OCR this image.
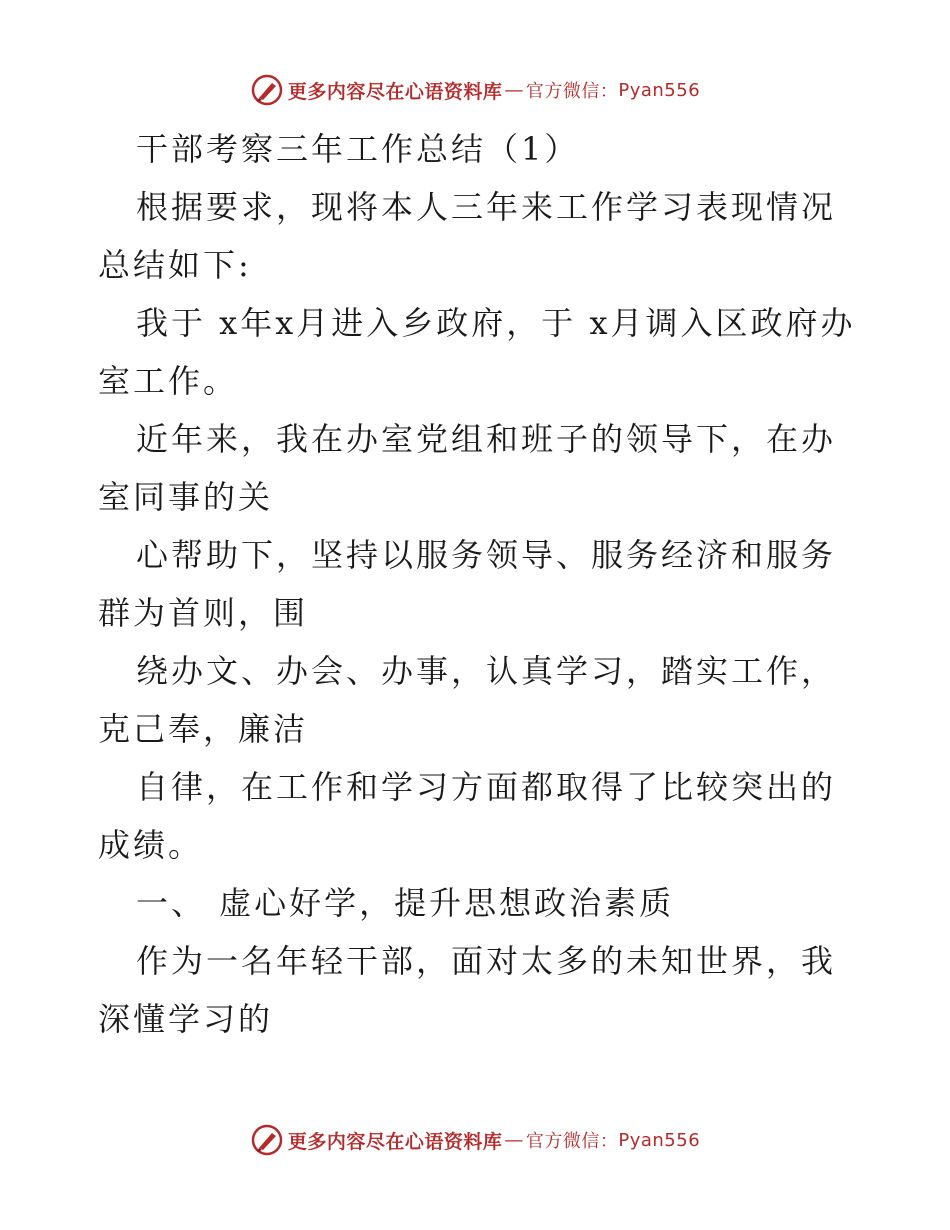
更多内容尽在心语资料库 — 官方微信： Pyan556

干部考察三年工作总结（1）

根据要求，现将本人三年来工作学习表现情况总结如下:

我于 x年x月进入乡政府，于 x月调入区政府办室工作。

近年来，我在办室党组和班子的领导下，在办室同事的关

心帮助下，坚持以服务领导、服务经济和服务群为首则，围

绕办文、办会、办事，认真学习，踏实工作，克己奉，廉洁

自律，在工作和学习方面都取得了比较突出的成绩。

一、 虚心好学，提升思想政治素质

作为一名年轻干部，面对太多的未知世界，我深懂学习的

更多内容尽在心语资料库 — 官方微信： Pyan556
